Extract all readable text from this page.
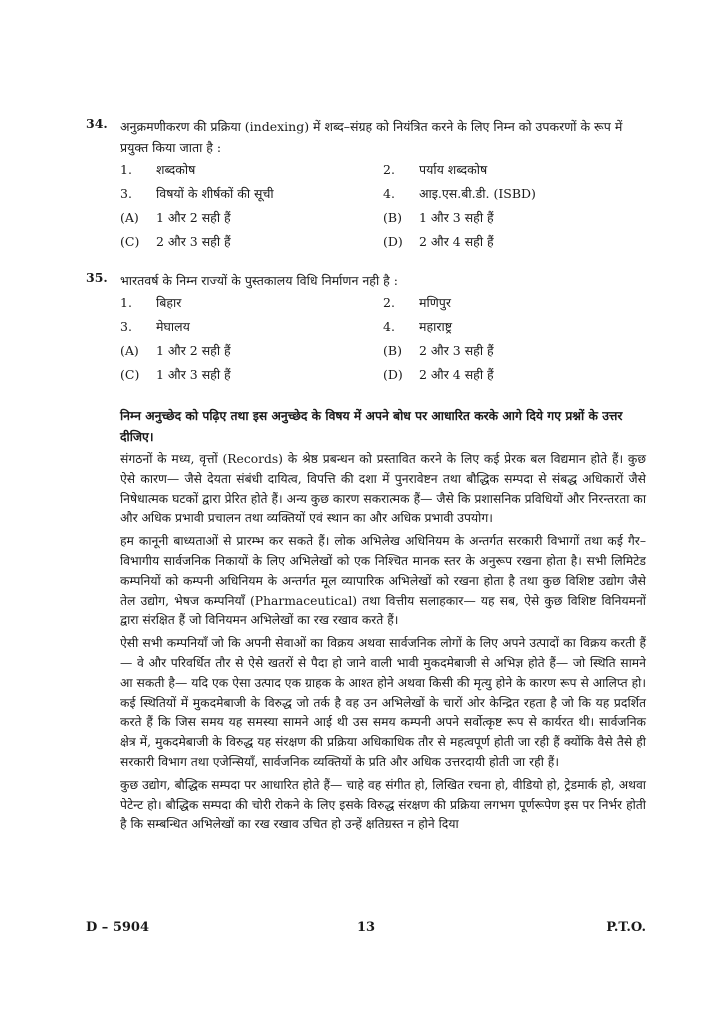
34. अनुक्रमणीकरण की प्रक्रिया (indexing) में शब्द–संग्रह को नियंत्रित करने के लिए निम्न को उपकरणों के रूप में प्रयुक्त किया जाता है :
1. शब्दकोष	2. पर्याय शब्दकोष
3. विषयों के शीर्षकों की सूची	4. आइ.एस.बी.डी. (ISBD)
(A) 1 और 2 सही हैं	(B) 1 और 3 सही हैं
(C) 2 और 3 सही हैं	(D) 2 और 4 सही हैं
35. भारतवर्ष के निम्न राज्यों के पुस्तकालय विधि निर्माणन नही है :
1. बिहार	2. मणिपुर
3. मेघालय	4. महाराष्ट्र
(A) 1 और 2 सही हैं	(B) 2 और 3 सही हैं
(C) 1 और 3 सही हैं	(D) 2 और 4 सही हैं
निम्न अनुच्छेद को पढ़िए तथा इस अनुच्छेद के विषय में अपने बोध पर आधारित करके आगे दिये गए प्रश्नों के उत्तर दीजिए।
संगठनों के मध्य, वृत्तों (Records) के श्रेष्ठ प्रबन्धन को प्रस्तावित करने के लिए कई प्रेरक बल विद्यमान होते हैं। कुछ ऐसे कारण— जैसे देयता संबंधी दायित्व, विपत्ति की दशा में पुनरावेष्टन तथा बौद्धिक सम्पदा से संबद्ध अधिकारों जैसे निषेधात्मक घटकों द्वारा प्रेरित होते हैं। अन्य कुछ कारण सकरात्मक हैं— जैसे कि प्रशासनिक प्रविधियों और निरन्तरता का और अधिक प्रभावी प्रचालन तथा व्यक्तियों एवं स्थान का और अधिक प्रभावी उपयोग।
हम कानूनी बाध्यताओं से प्रारम्भ कर सकते हैं। लोक अभिलेख अधिनियम के अन्तर्गत सरकारी विभागों तथा कई गैर–विभागीय सार्वजनिक निकायों के लिए अभिलेखों को एक निश्चित मानक स्तर के अनुरूप रखना होता है। सभी लिमिटेड कम्पनियों को कम्पनी अधिनियम के अन्तर्गत मूल व्यापारिक अभिलेखों को रखना होता है तथा कुछ विशिष्ट उद्योग जैसे तेल उद्योग, भेषज कम्पनियाँ (Pharmaceutical) तथा वित्तीय सलाहकार— यह सब, ऐसे कुछ विशिष्ट विनियमनों द्वारा संरक्षित हैं जो विनियमन अभिलेखों का रख रखाव करते हैं।
ऐसी सभी कम्पनियाँ जो कि अपनी सेवाओं का विक्रय अथवा सार्वजनिक लोगों के लिए अपने उत्पादों का विक्रय करती हैं— वे और परिवर्धित तौर से ऐसे खतरों से पैदा हो जाने वाली भावी मुकदमेबाजी से अभिज्ञ होते हैं— जो स्थिति सामने आ सकती है— यदि एक ऐसा उत्पाद एक ग्राहक के आश्त होने अथवा किसी की मृत्यु होने के कारण रूप से आलिप्त हो। कई स्थितियों में मुकदमेबाजी के विरुद्ध जो तर्क है वह उन अभिलेखों के चारों ओर केन्द्रित रहता है जो कि यह प्रदर्शित करते हैं कि जिस समय यह समस्या सामने आई थी उस समय कम्पनी अपने सर्वोत्कृष्ट रूप से कार्यरत थी। सार्वजनिक क्षेत्र में, मुकदमेबाजी के विरुद्ध यह संरक्षण की प्रक्रिया अधिकाधिक तौर से महत्वपूर्ण होती जा रही हैं क्योंकि वैसे तैसे ही सरकारी विभाग तथा एजेन्सियाँ, सार्वजनिक व्यक्तियों के प्रति और अधिक उत्तरदायी होती जा रही हैं।
कुछ उद्योग, बौद्धिक सम्पदा पर आधारित होते हैं— चाहे वह संगीत हो, लिखित रचना हो, वीडियो हो, ट्रेडमार्क हो, अथवा पेटेन्ट हो। बौद्धिक सम्पदा की चोरी रोकने के लिए इसके विरुद्ध संरक्षण की प्रक्रिया लगभग पूर्णरूपेण इस पर निर्भर होती है कि सम्बन्धित अभिलेखों का रख रखाव उचित हो उन्हें क्षतिग्रस्त न होने दिया
D – 5904	13	P.T.O.
